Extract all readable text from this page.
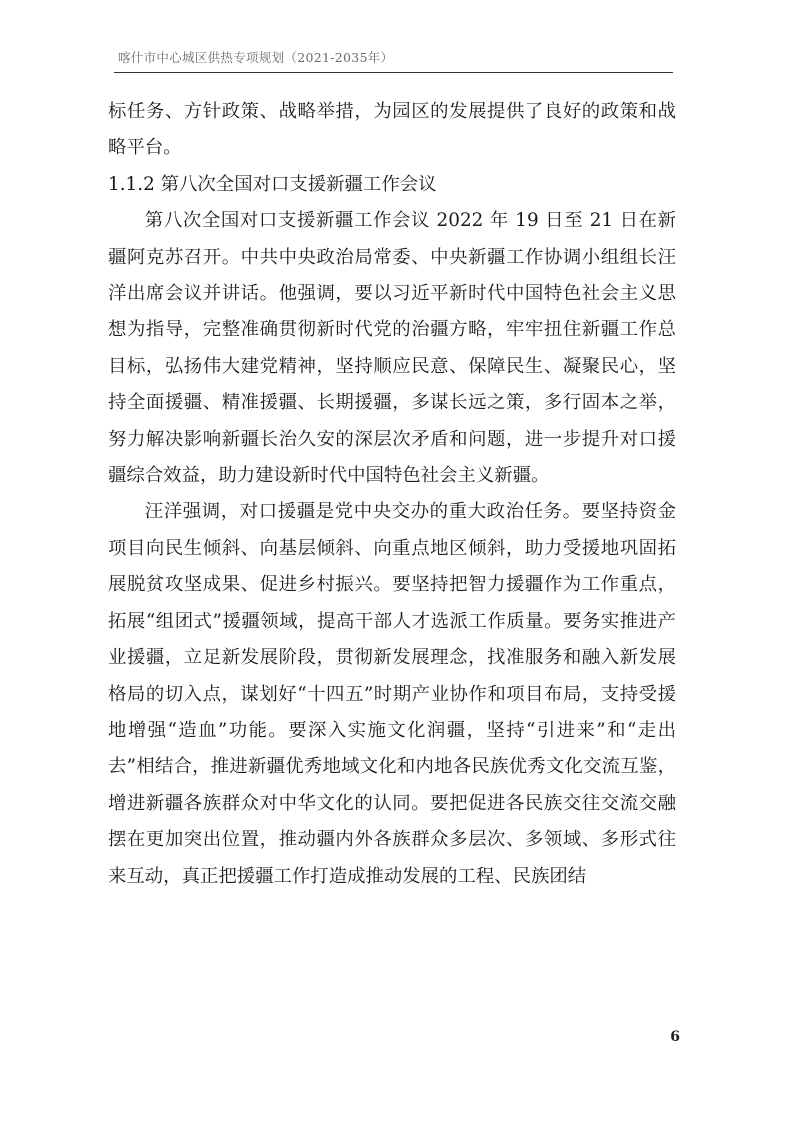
喀什市中心城区供热专项规划（2021-2035年）

标任务、方针政策、战略举措，为园区的发展提供了良好的政策和战略平台。

1.1.2 第八次全国对口支援新疆工作会议

第八次全国对口支援新疆工作会议 2022 年 19 日至 21 日在新疆阿克苏召开。中共中央政治局常委、中央新疆工作协调小组组长汪洋出席会议并讲话。他强调，要以习近平新时代中国特色社会主义思想为指导，完整准确贯彻新时代党的治疆方略，牢牢扭住新疆工作总目标，弘扬伟大建党精神，坚持顺应民意、保障民生、凝聚民心，坚持全面援疆、精准援疆、长期援疆，多谋长远之策，多行固本之举，努力解决影响新疆长治久安的深层次矛盾和问题，进一步提升对口援疆综合效益，助力建设新时代中国特色社会主义新疆。

汪洋强调，对口援疆是党中央交办的重大政治任务。要坚持资金项目向民生倾斜、向基层倾斜、向重点地区倾斜，助力受援地巩固拓展脱贫攻坚成果、促进乡村振兴。要坚持把智力援疆作为工作重点，拓展“组团式”援疆领域，提高干部人才选派工作质量。要务实推进产业援疆，立足新发展阶段，贯彻新发展理念，找准服务和融入新发展格局的切入点，谋划好“十四五”时期产业协作和项目布局，支持受援地增强“造血”功能。要深入实施文化润疆，坚持“引进来”和“走出去”相结合，推进新疆优秀地域文化和内地各民族优秀文化交流互鉴，增进新疆各族群众对中华文化的认同。要把促进各民族交往交流交融摆在更加突出位置，推动疆内外各族群众多层次、多领域、多形式往来互动，真正把援疆工作打造成推动发展的工程、民族团结

6
